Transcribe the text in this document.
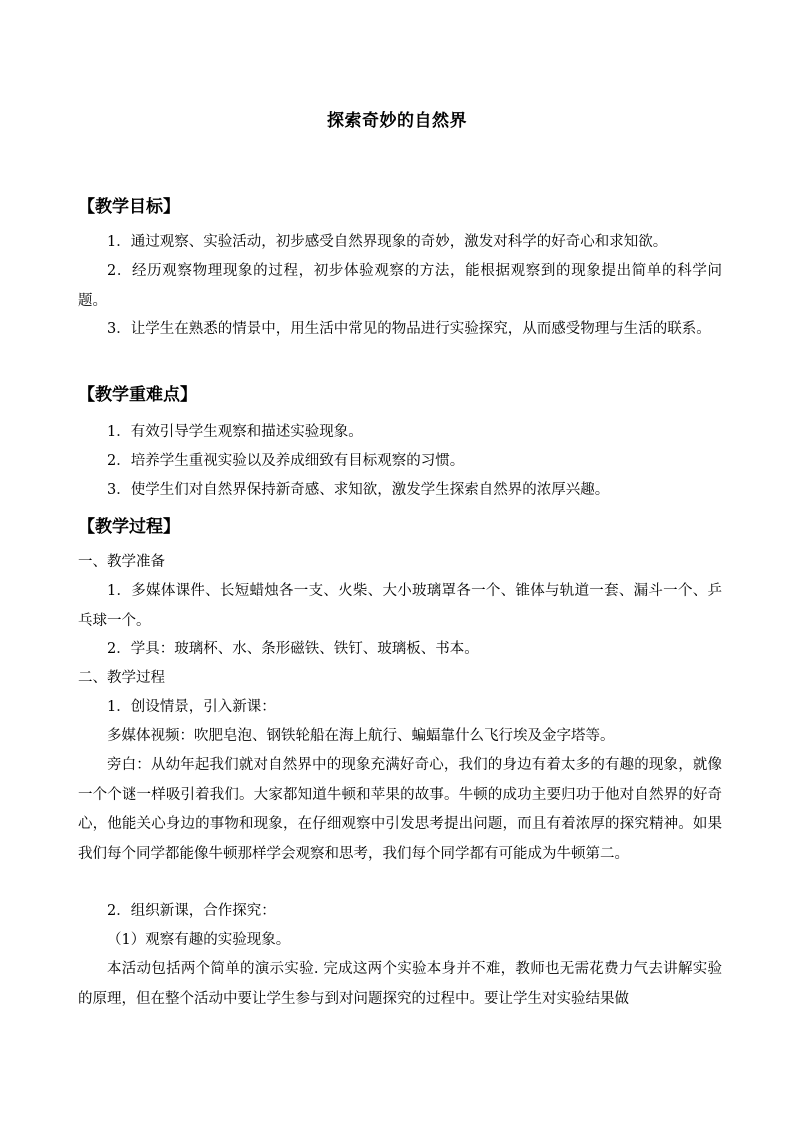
探索奇妙的自然界
【教学目标】

1．通过观察、实验活动，初步感受自然界现象的奇妙，激发对科学的好奇心和求知欲。

2．经历观察物理现象的过程，初步体验观察的方法，能根据观察到的现象提出简单的科学问题。

3．让学生在熟悉的情景中，用生活中常见的物品进行实验探究，从而感受物理与生活的联系。

【教学重难点】

1．有效引导学生观察和描述实验现象。

2．培养学生重视实验以及养成细致有目标观察的习惯。

3．使学生们对自然界保持新奇感、求知欲，激发学生探索自然界的浓厚兴趣。

【教学过程】

一、教学准备

1．多媒体课件、长短蜡烛各一支、火柴、大小玻璃罩各一个、锥体与轨道一套、漏斗一个、乒乓球一个。

2．学具：玻璃杯、水、条形磁铁、铁钉、玻璃板、书本。

二、教学过程

1．创设情景，引入新课：

多媒体视频：吹肥皂泡、钢铁轮船在海上航行、蝙蝠靠什么飞行埃及金字塔等。

旁白：从幼年起我们就对自然界中的现象充满好奇心，我们的身边有着太多的有趣的现象，就像一个个谜一样吸引着我们。大家都知道牛顿和苹果的故事。牛顿的成功主要归功于他对自然界的好奇心，他能关心身边的事物和现象，在仔细观察中引发思考提出问题，而且有着浓厚的探究精神。如果我们每个同学都能像牛顿那样学会观察和思考，我们每个同学都有可能成为牛顿第二。

2．组织新课，合作探究：

（1）观察有趣的实验现象。

本活动包括两个简单的演示实验. 完成这两个实验本身并不难，教师也无需花费力气去讲解实验的原理，但在整个活动中要让学生参与到对问题探究的过程中。要让学生对实验结果做
